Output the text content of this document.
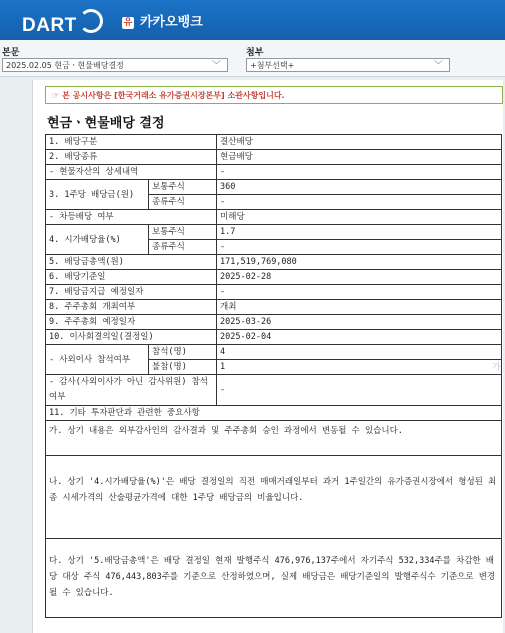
DART	유 카카오뱅크
본문
2025.02.05 현금ㆍ현물배당결정	﹀
첨부
+첨부선택+	﹀
☞ 본 공시사항은 [한국거래소 유가증권시장본부] 소관사항입니다.
현금ㆍ현물배당 결정
1. 배당구분		결산배당
2. 배당종류		현금배당
- 현물자산의 상세내역		-
3. 1주당 배당금(원)	보통주식	360
	종류주식	-
- 차등배당 여부		미해당
4. 시가배당율(%)	보통주식	1.7
	종류주식	-
5. 배당금총액(원)		171,519,769,080
6. 배당기준일		2025-02-28
7. 배당금지급 예정일자		-
8. 주주총회 개최여부		개최
9. 주주총회 예정일자		2025-03-26
10. 이사회결의일(결정일)		2025-02-04
- 사외이사 참석여부	참석(명)	4
	불참(명)	1
- 감사(사외이사가 아닌 감사위원) 참석여부		-
11. 기타 투자판단과 관련한 중요사항		
가. 상기 내용은 외부감사인의 감사결과 및 주주총회 승인 과정에서 변동될 수 있습니다.		
나. 상기 '4.시가배당율(%)'은 배당 결정일의 직전 매매거래일부터 과거 1주일간의 유가증권시장에서 형성된 최종 시세가격의 산술평균가격에 대한 1주당 배당금의 비율입니다.		
다. 상기 '5.배당금총액'은 배당 결정일 현재 발행주식 476,976,137주에서 자기주식 532,334주를 차감한 배당 대상 주식 476,443,803주를 기준으로 산정하였으며, 실제 배당금은 배당기준일의 발행주식수 기준으로 변경될 수 있습니다.		
가
